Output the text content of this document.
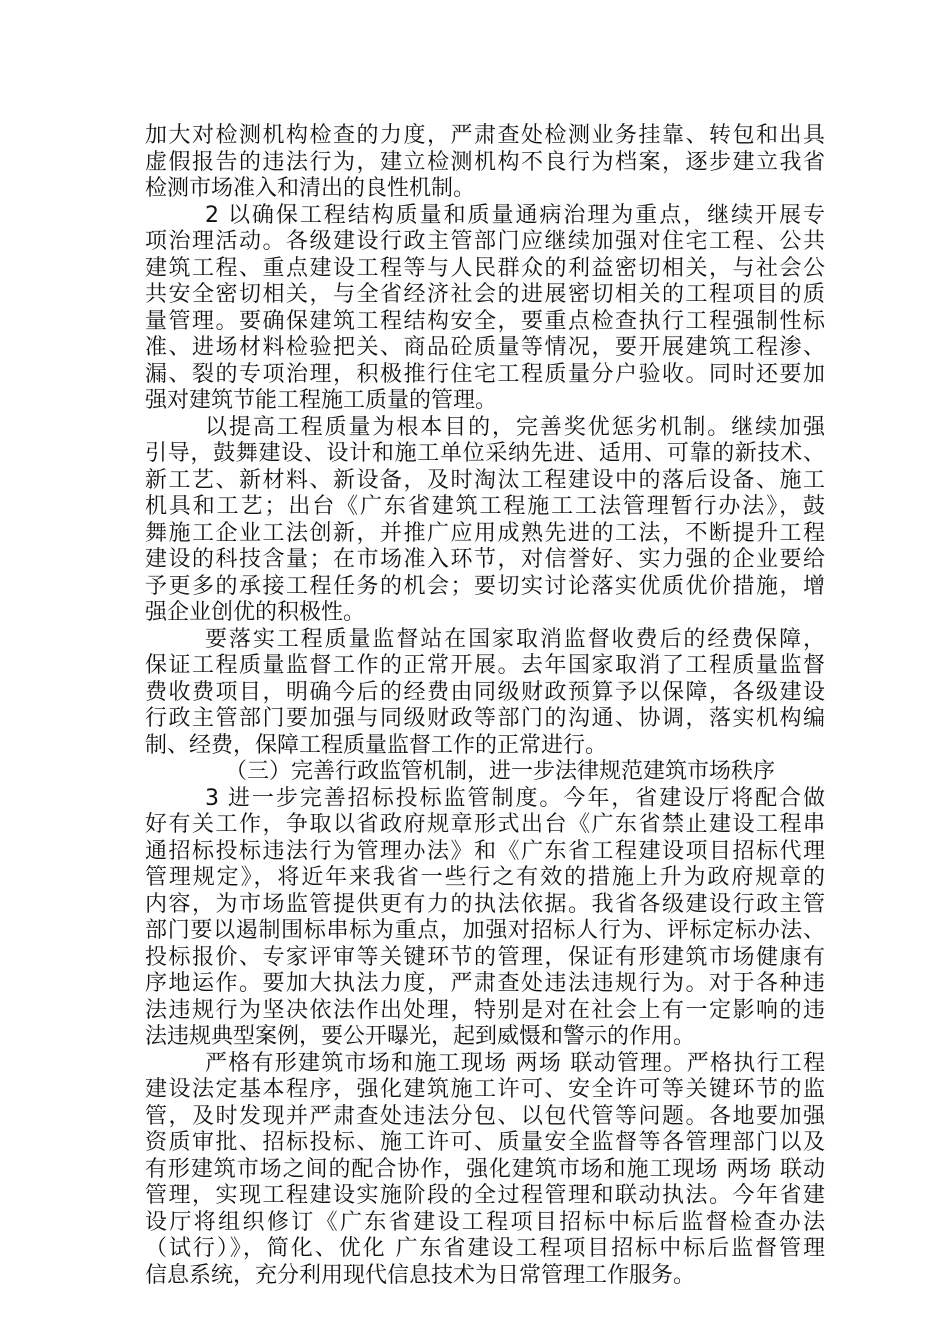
加大对检测机构检查的力度，严肃查处检测业务挂靠、转包和出具
虚假报告的违法行为，建立检测机构不良行为档案，逐步建立我省
检测市场准入和清出的良性机制。
2 以确保工程结构质量和质量通病治理为重点，继续开展专
项治理活动。各级建设行政主管部门应继续加强对住宅工程、公共
建筑工程、重点建设工程等与人民群众的利益密切相关，与社会公
共安全密切相关，与全省经济社会的进展密切相关的工程项目的质
量管理。要确保建筑工程结构安全，要重点检查执行工程强制性标
准、进场材料检验把关、商品砼质量等情况，要开展建筑工程渗、
漏、裂的专项治理，积极推行住宅工程质量分户验收。同时还要加
强对建筑节能工程施工质量的管理。
以提高工程质量为根本目的，完善奖优惩劣机制。继续加强
引导，鼓舞建设、设计和施工单位采纳先进、适用、可靠的新技术、
新工艺、新材料、新设备，及时淘汰工程建设中的落后设备、施工
机具和工艺；出台《广东省建筑工程施工工法管理暂行办法》，鼓
舞施工企业工法创新，并推广应用成熟先进的工法，不断提升工程
建设的科技含量；在市场准入环节，对信誉好、实力强的企业要给
予更多的承接工程任务的机会；要切实讨论落实优质优价措施，增
强企业创优的积极性。
要落实工程质量监督站在国家取消监督收费后的经费保障，
保证工程质量监督工作的正常开展。去年国家取消了工程质量监督
费收费项目，明确今后的经费由同级财政预算予以保障，各级建设
行政主管部门要加强与同级财政等部门的沟通、协调，落实机构编
制、经费，保障工程质量监督工作的正常进行。
（三）完善行政监管机制，进一步法律规范建筑市场秩序
3 进一步完善招标投标监管制度。今年，省建设厅将配合做
好有关工作，争取以省政府规章形式出台《广东省禁止建设工程串
通招标投标违法行为管理办法》和《广东省工程建设项目招标代理
管理规定》，将近年来我省一些行之有效的措施上升为政府规章的
内容，为市场监管提供更有力的执法依据。我省各级建设行政主管
部门要以遏制围标串标为重点，加强对招标人行为、评标定标办法、
投标报价、专家评审等关键环节的管理，保证有形建筑市场健康有
序地运作。要加大执法力度，严肃查处违法违规行为。对于各种违
法违规行为坚决依法作出处理，特别是对在社会上有一定影响的违
法违规典型案例，要公开曝光，起到威慑和警示的作用。
严格有形建筑市场和施工现场 两场 联动管理。严格执行工程
建设法定基本程序，强化建筑施工许可、安全许可等关键环节的监
管，及时发现并严肃查处违法分包、以包代管等问题。各地要加强
资质审批、招标投标、施工许可、质量安全监督等各管理部门以及
有形建筑市场之间的配合协作，强化建筑市场和施工现场 两场 联动
管理，实现工程建设实施阶段的全过程管理和联动执法。今年省建
设厅将组织修订《广东省建设工程项目招标中标后监督检查办法
（试行）》，简化、优化 广东省建设工程项目招标中标后监督管理
信息系统，充分利用现代信息技术为日常管理工作服务。
